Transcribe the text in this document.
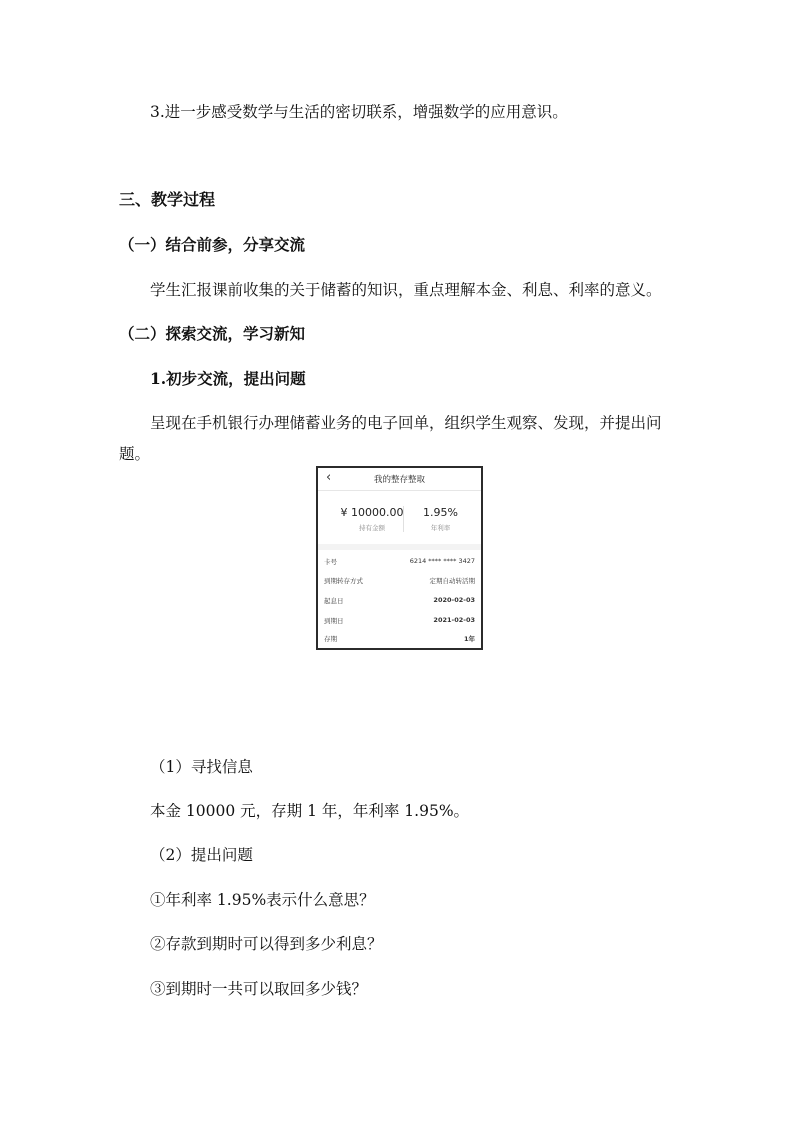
3.进一步感受数学与生活的密切联系，增强数学的应用意识。
三、教学过程
（一）结合前参，分享交流
学生汇报课前收集的关于储蓄的知识，重点理解本金、利息、利率的意义。
（二）探索交流，学习新知
1.初步交流，提出问题
呈现在手机银行办理储蓄业务的电子回单，组织学生观察、发现，并提出问
题。
‹	我的整存整取
¥ 10000.00
持有金额
1.95%
年利率
卡号	6214 **** **** 3427
到期转存方式	定期自动转活期
起息日	2020-02-03
到期日	2021-02-03
存期	1年
（1）寻找信息
本金 10000 元，存期 1 年，年利率 1.95%。
（2）提出问题
①年利率 1.95%表示什么意思？
②存款到期时可以得到多少利息？
③到期时一共可以取回多少钱？
